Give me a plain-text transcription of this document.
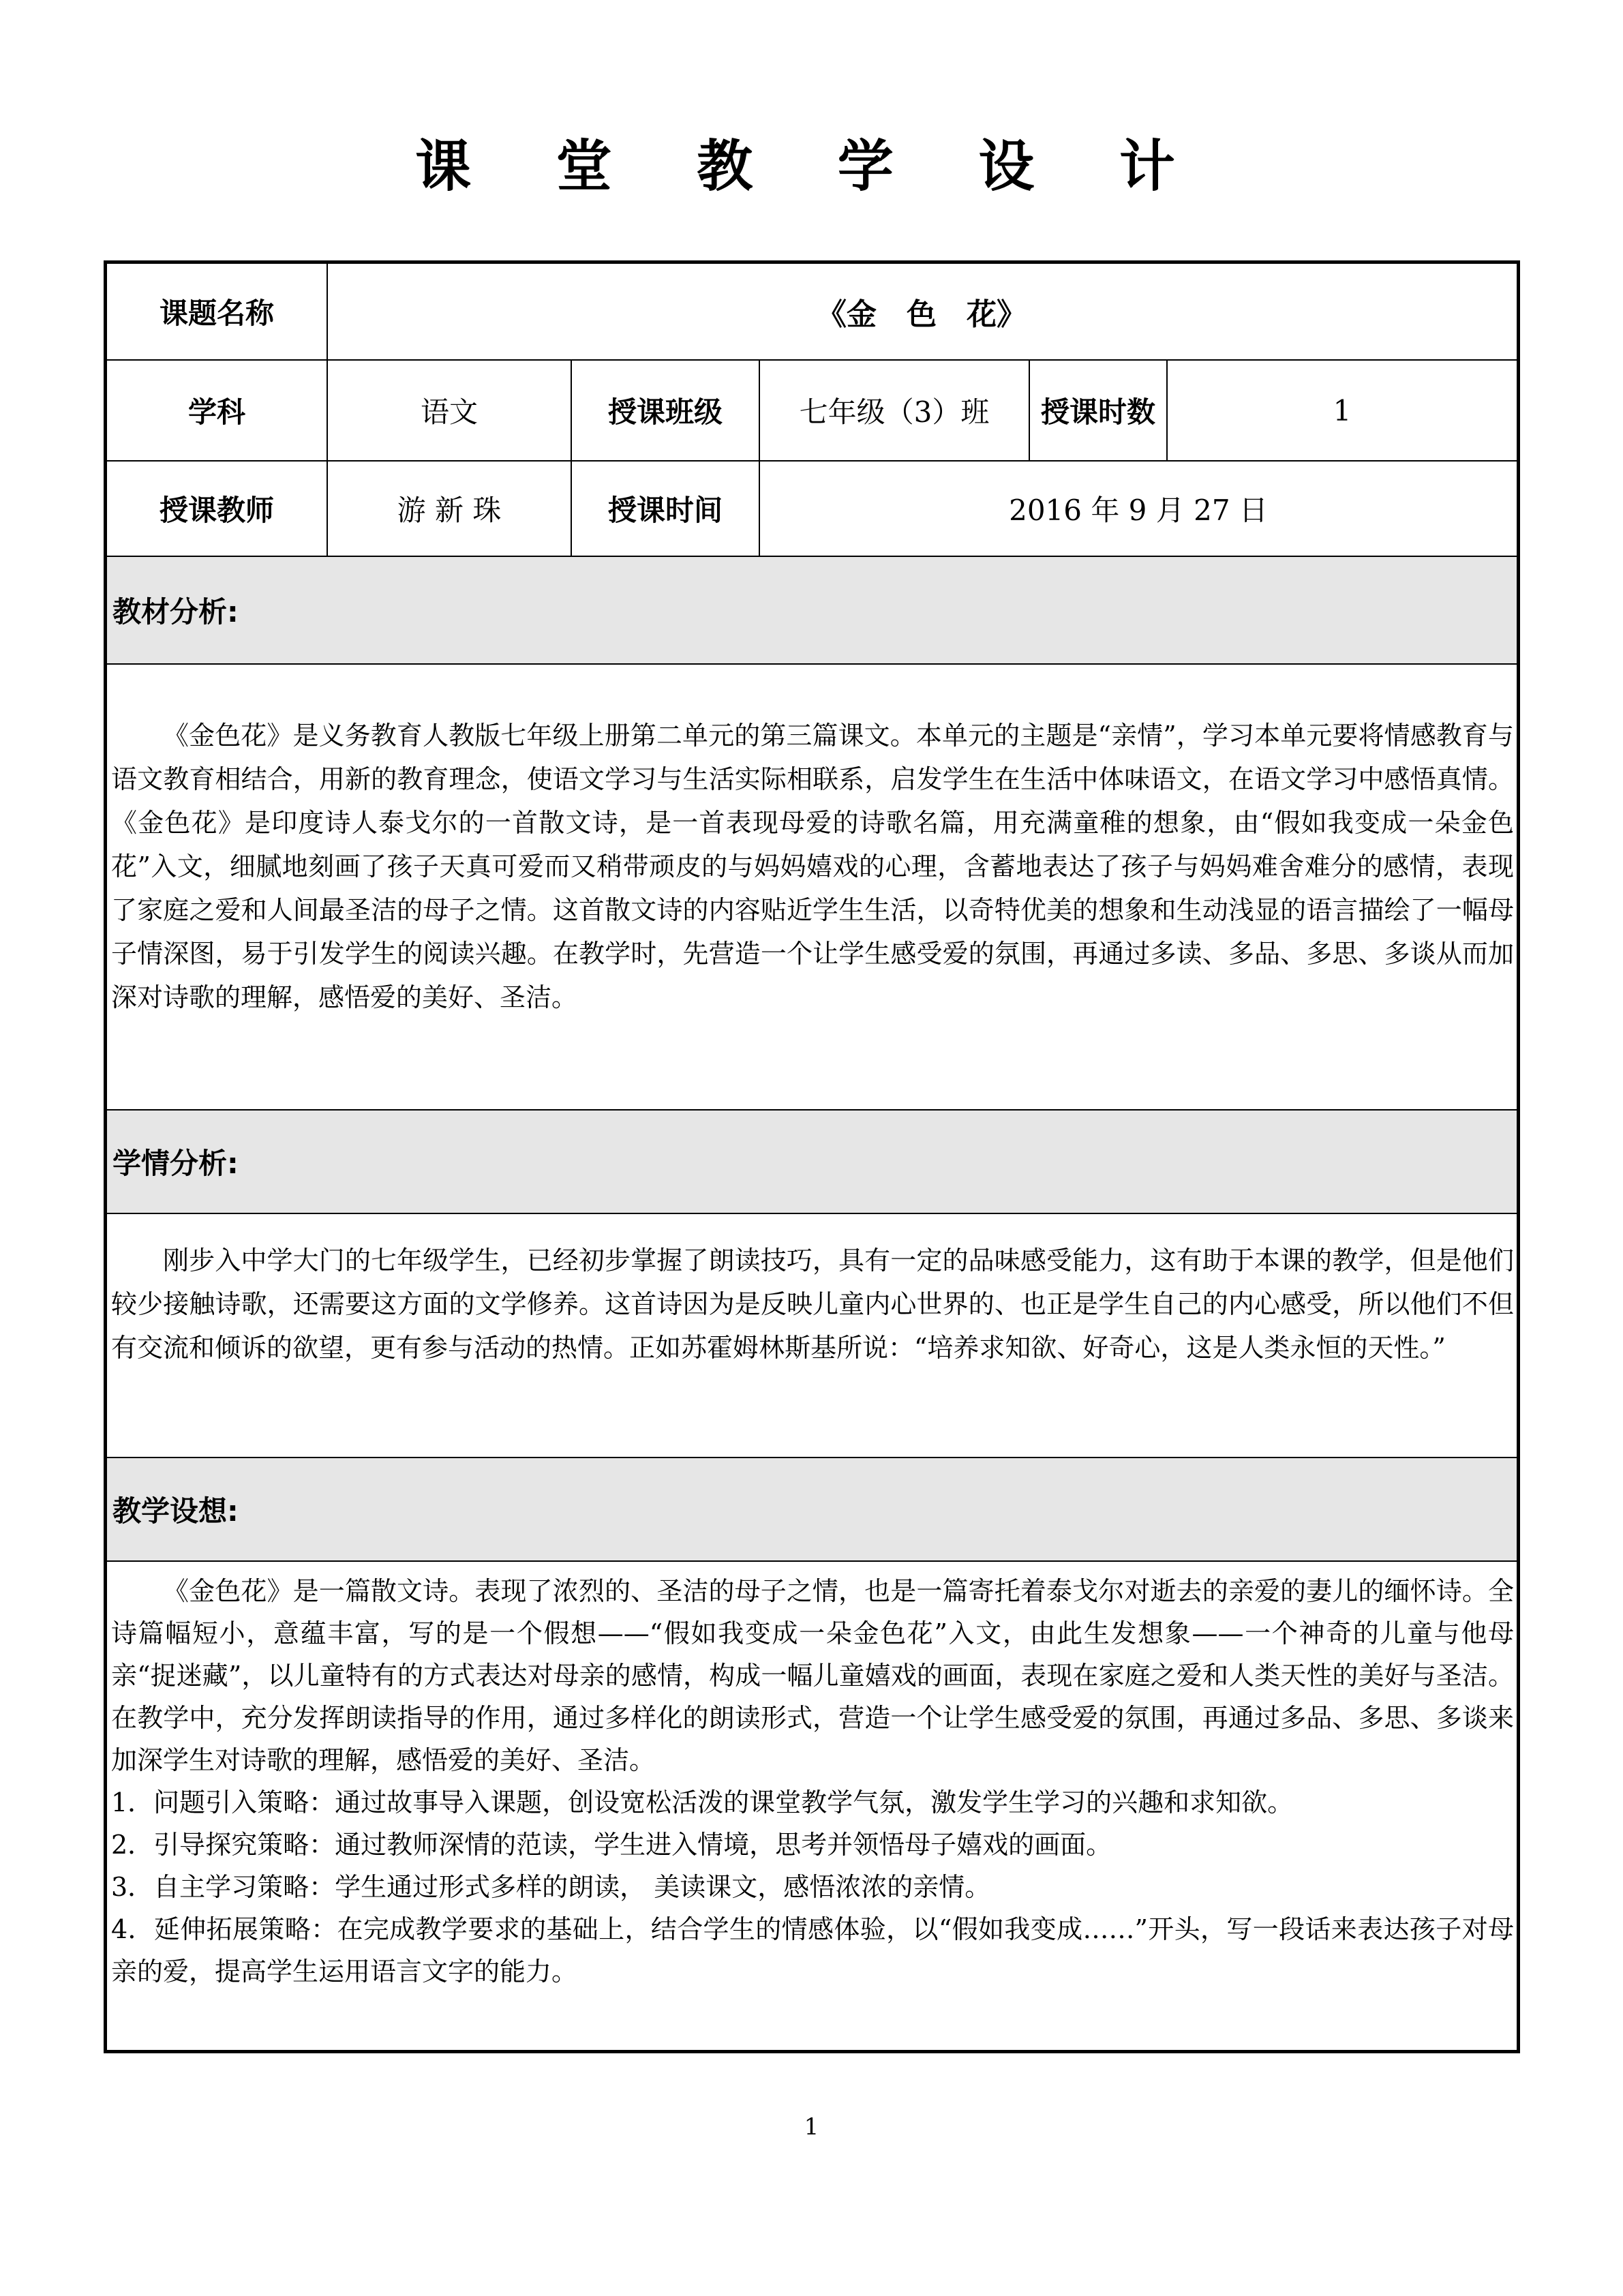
课 堂 教 学 设 计
课题名称	《金　色　花》
学科	语文	授课班级	七年级（3）班	授课时数	1
授课教师	游 新 珠	授课时间	2016 年 9 月 27 日
教材分析:

《金色花》是义务教育人教版七年级上册第二单元的第三篇课文。本单元的主题是“亲情”，学习本单元要将情感教育与语文教育相结合，用新的教育理念，使语文学习与生活实际相联系，启发学生在生活中体味语文，在语文学习中感悟真情。《金色花》是印度诗人泰戈尔的一首散文诗，是一首表现母爱的诗歌名篇，用充满童稚的想象，由“假如我变成一朵金色花”入文，细腻地刻画了孩子天真可爱而又稍带顽皮的与妈妈嬉戏的心理，含蓄地表达了孩子与妈妈难舍难分的感情，表现了家庭之爱和人间最圣洁的母子之情。这首散文诗的内容贴近学生生活，以奇特优美的想象和生动浅显的语言描绘了一幅母子情深图，易于引发学生的阅读兴趣。在教学时，先营造一个让学生感受爱的氛围，再通过多读、多品、多思、多谈从而加深对诗歌的理解，感悟爱的美好、圣洁。

学情分析:

刚步入中学大门的七年级学生，已经初步掌握了朗读技巧，具有一定的品味感受能力，这有助于本课的教学，但是他们较少接触诗歌，还需要这方面的文学修养。这首诗因为是反映儿童内心世界的、也正是学生自己的内心感受，所以他们不但有交流和倾诉的欲望，更有参与活动的热情。正如苏霍姆林斯基所说：“培养求知欲、好奇心，这是人类永恒的天性。”

教学设想:

《金色花》是一篇散文诗。表现了浓烈的、圣洁的母子之情，也是一篇寄托着泰戈尔对逝去的亲爱的妻儿的缅怀诗。全诗篇幅短小，意蕴丰富，写的是一个假想——“假如我变成一朵金色花”入文，由此生发想象——一个神奇的儿童与他母亲“捉迷藏”，以儿童特有的方式表达对母亲的感情，构成一幅儿童嬉戏的画面，表现在家庭之爱和人类天性的美好与圣洁。在教学中，充分发挥朗读指导的作用，通过多样化的朗读形式，营造一个让学生感受爱的氛围，再通过多品、多思、多谈来加深学生对诗歌的理解，感悟爱的美好、圣洁。

1．问题引入策略：通过故事导入课题，创设宽松活泼的课堂教学气氛，激发学生学习的兴趣和求知欲。

2．引导探究策略：通过教师深情的范读，学生进入情境，思考并领悟母子嬉戏的画面。

3．自主学习策略：学生通过形式多样的朗读， 美读课文，感悟浓浓的亲情。

4．延伸拓展策略：在完成教学要求的基础上，结合学生的情感体验，以“假如我变成……”开头，写一段话来表达孩子对母亲的爱，提高学生运用语言文字的能力。

1
